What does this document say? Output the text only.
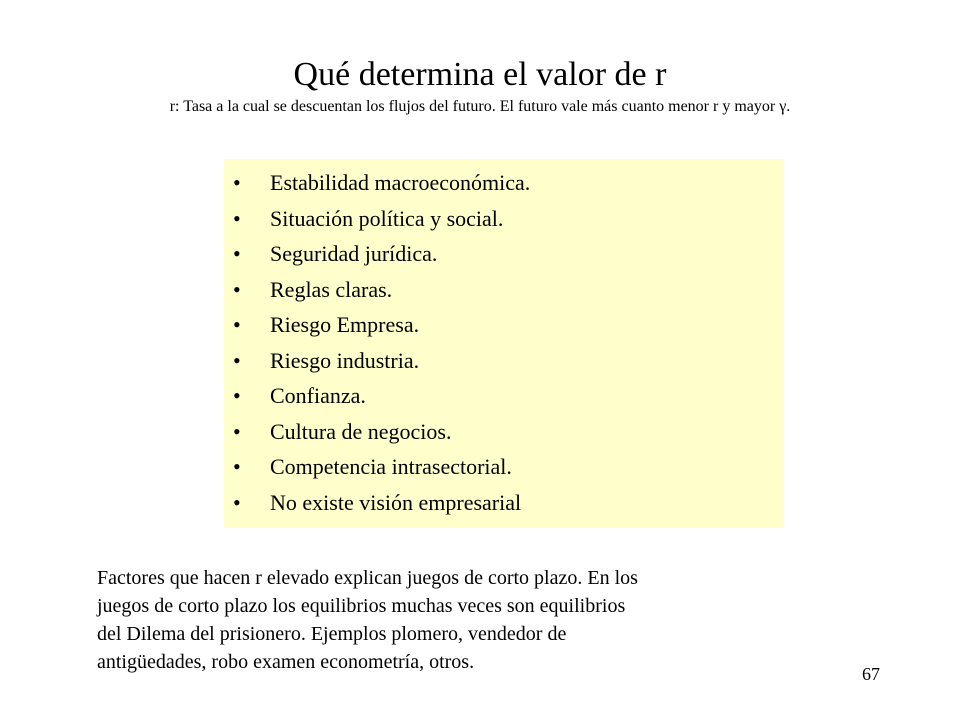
Qué determina el valor de r
r: Tasa a la cual se descuentan los flujos del futuro. El futuro vale más cuanto menor r y mayor γ.
• Estabilidad macroeconómica.
• Situación política y social.
• Seguridad jurídica.
• Reglas claras.
• Riesgo Empresa.
• Riesgo industria.
• Confianza.
• Cultura de negocios.
• Competencia intrasectorial.
• No existe visión empresarial
Factores que hacen r elevado explican juegos de corto plazo. En los
juegos de corto plazo los equilibrios muchas veces son equilibrios
del Dilema del prisionero. Ejemplos plomero, vendedor de
antigüedades, robo examen econometría, otros.
67
